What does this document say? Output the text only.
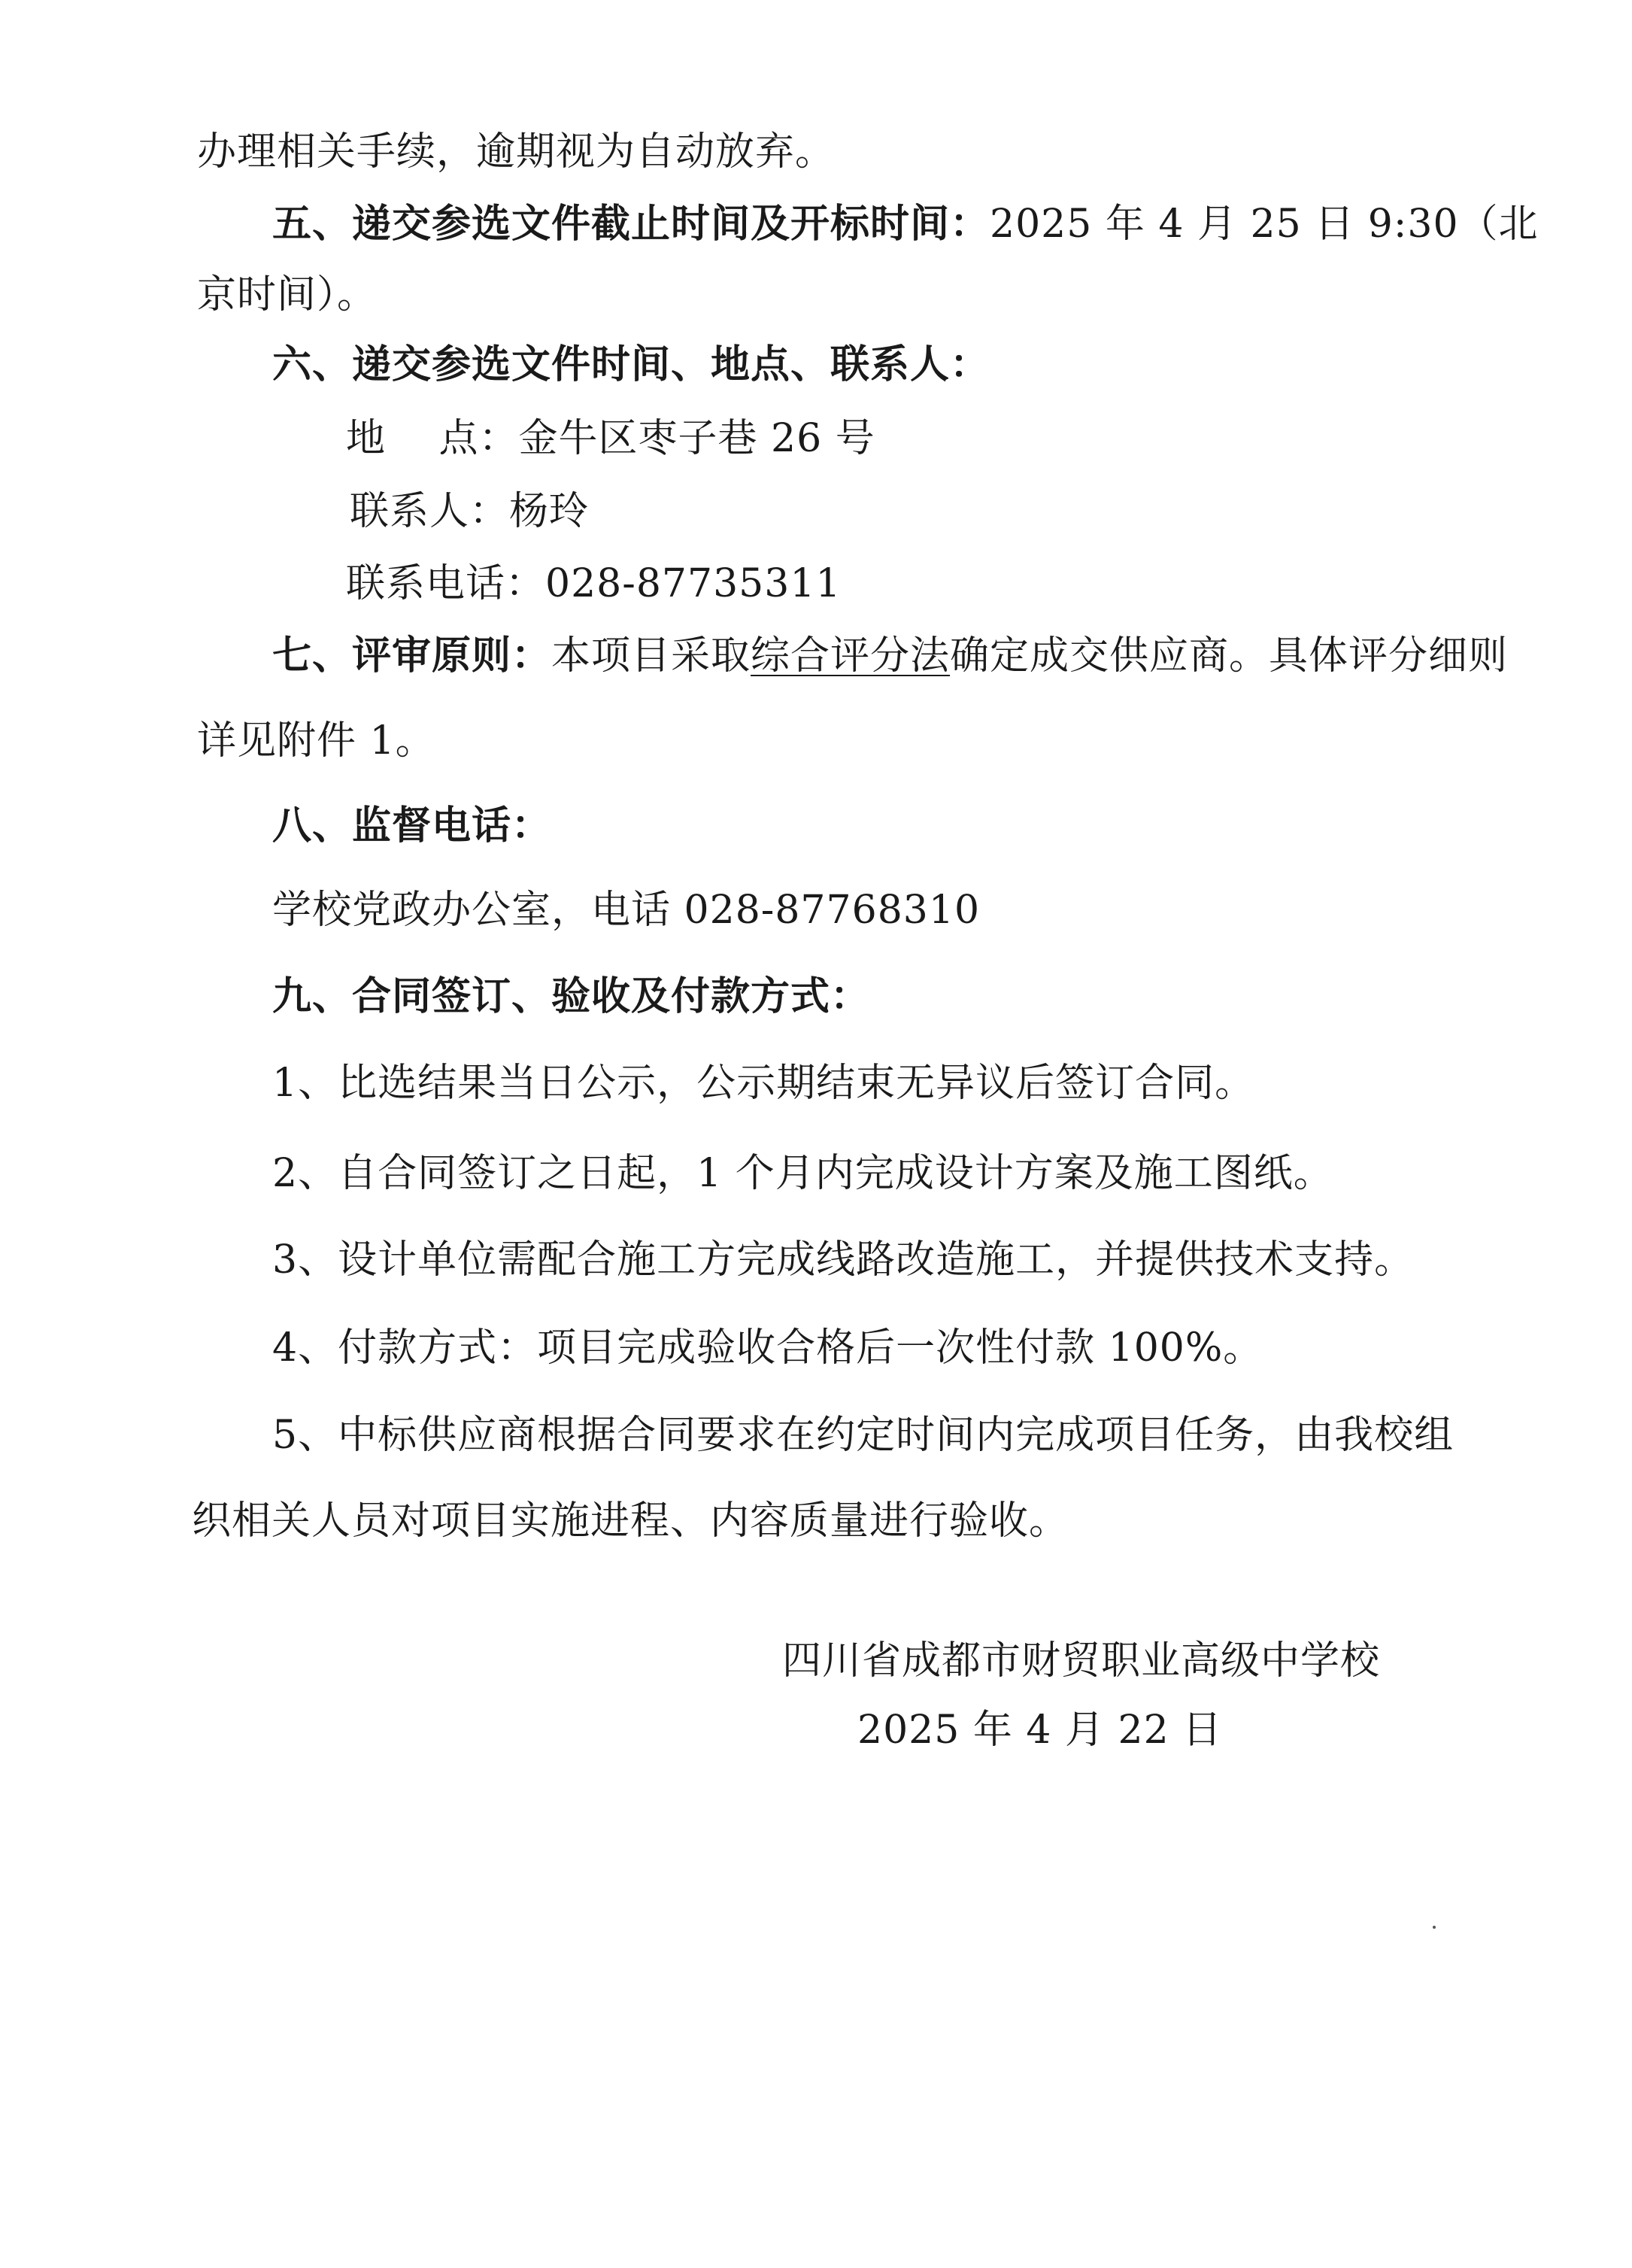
办理相关手续，逾期视为自动放弃。
五、递交参选文件截止时间及开标时间：2025 年 4 月 25 日 9:30（北
京时间）。
六、递交参选文件时间、地点、联系人：
地　 点：金牛区枣子巷 26 号
联系人：杨玲
联系电话：028-87735311
七、评审原则：本项目采取综合评分法确定成交供应商。具体评分细则
详见附件 1。
八、监督电话：
学校党政办公室，电话 028-87768310
九、合同签订、验收及付款方式：
1、比选结果当日公示，公示期结束无异议后签订合同。
2、自合同签订之日起，1 个月内完成设计方案及施工图纸。
3、设计单位需配合施工方完成线路改造施工，并提供技术支持。
4、付款方式：项目完成验收合格后一次性付款 100%。
5、中标供应商根据合同要求在约定时间内完成项目任务，由我校组
织相关人员对项目实施进程、内容质量进行验收。
四川省成都市财贸职业高级中学校
2025 年 4 月 22 日
